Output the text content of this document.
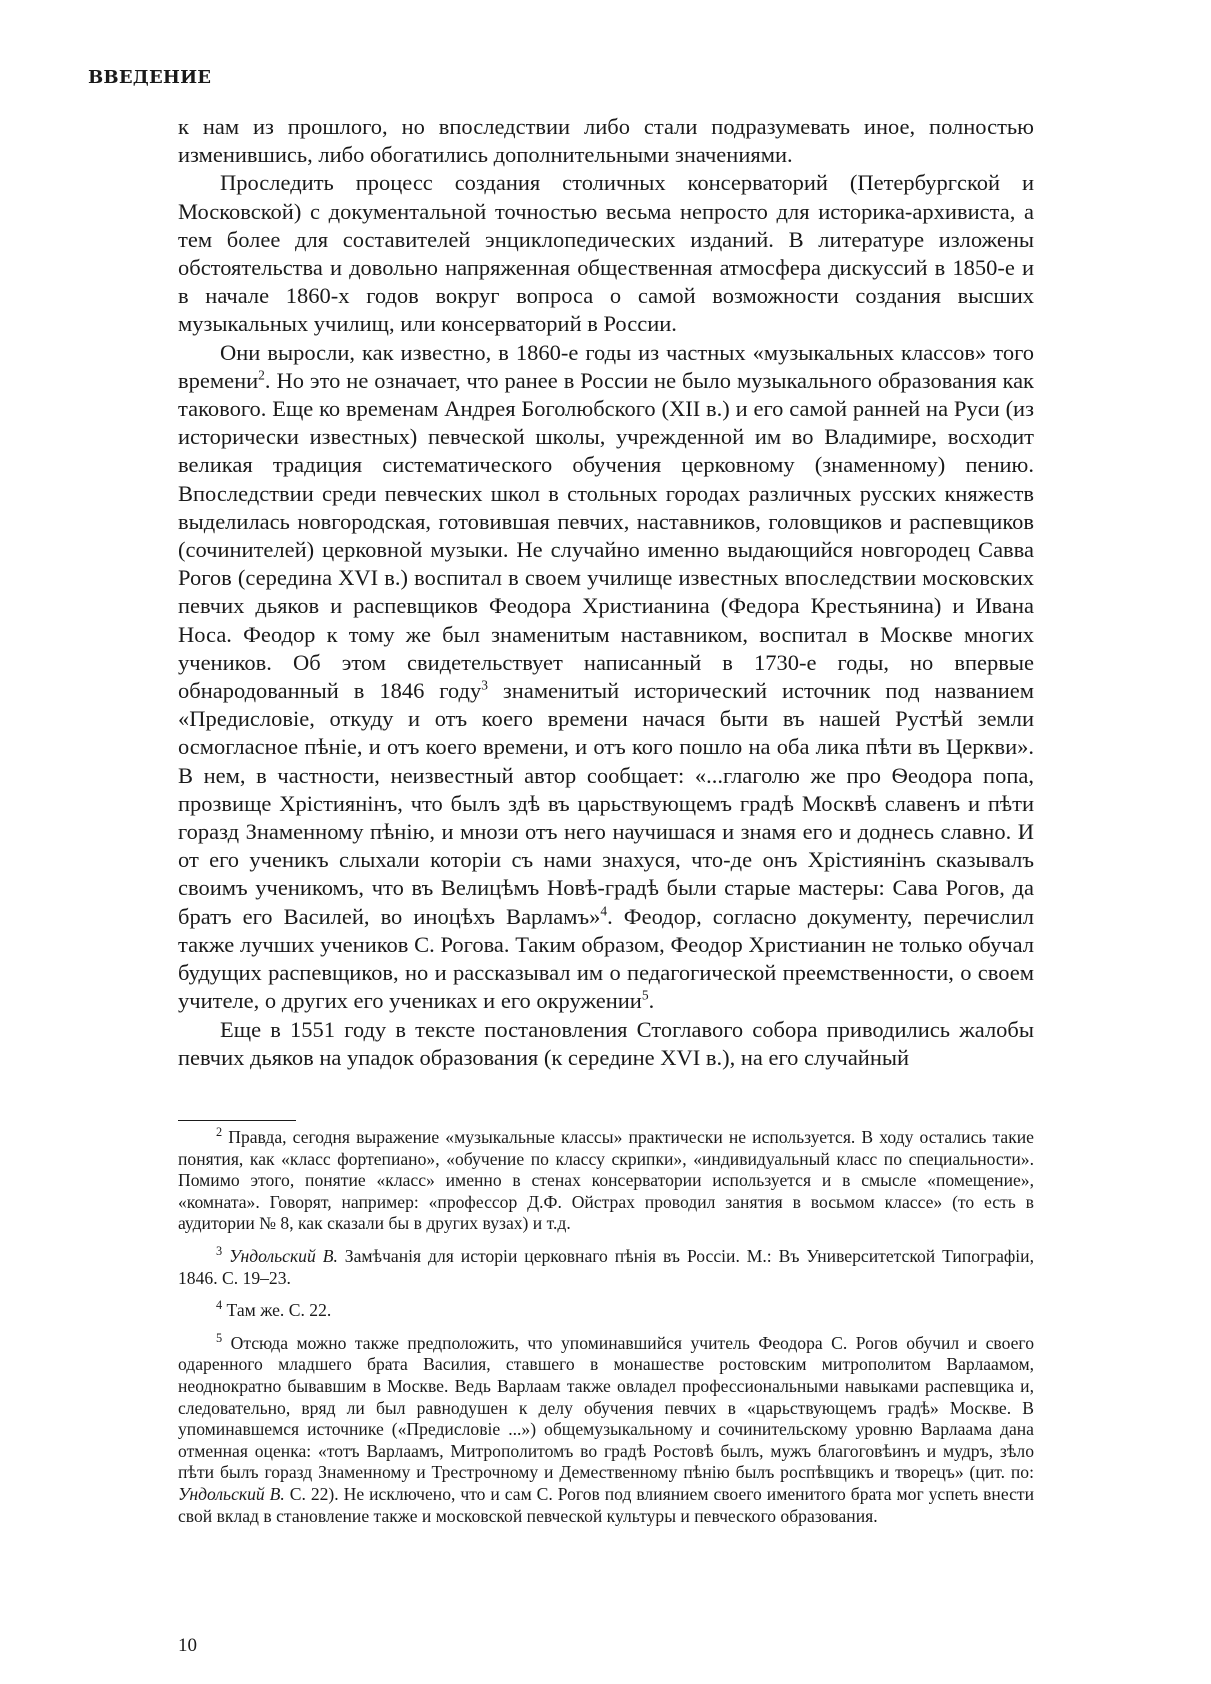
ВВЕДЕНИЕ

к нам из прошлого, но впоследствии либо стали подразумевать иное, полностью изменившись, либо обогатились дополнительными значениями.

Проследить процесс создания столичных консерваторий (Петербургской и Московской) с документальной точностью весьма непросто для историка-архивиста, а тем более для составителей энциклопедических изданий. В литературе изложены обстоятельства и довольно напряженная общественная атмосфера дискуссий в 1850-е и в начале 1860-х годов вокруг вопроса о самой возможности создания высших музыкальных училищ, или консерваторий в России.

Они выросли, как известно, в 1860-е годы из частных «музыкальных классов» того времени$^2$. Но это не означает, что ранее в России не было музыкального образования как такового. Еще ко временам Андрея Боголюбского (XII в.) и его самой ранней на Руси (из исторически известных) певческой школы, учрежденной им во Владимире, восходит великая традиция систематического обучения церковному (знаменному) пению. Впоследствии среди певческих школ в стольных городах различных русских княжеств выделилась новгородская, готовившая певчих, наставников, головщиков и распевщиков (сочинителей) церковной музыки. Не случайно именно выдающийся новгородец Савва Рогов (середина XVI в.) воспитал в своем училище известных впоследствии московских певчих дьяков и распевщиков Феодора Христианина (Федора Крестьянина) и Ивана Носа. Феодор к тому же был знаменитым наставником, воспитал в Москве многих учеников. Об этом свидетельствует написанный в 1730-е годы, но впервые обнародованный в 1846 году$^3$ знаменитый исторический источник под названием «Предисловіе, откуду и отъ коего времени начася быти въ нашей Рустѣй земли осмогласное пѣніе, и отъ коего времени, и отъ кого пошло на оба лика пѣти въ Церкви». В нем, в частности, неизвестный автор сообщает: «...глаголю же про Ѳеодора попа, прозвище Хрістиянінъ, что былъ здѣ въ царьствующемъ градѣ Москвѣ славенъ и пѣти горазд Знаменному пѣнію, и мнози отъ него научишася и знамя его и доднесь славно. И от его ученикъ слыхали которіи съ нами знахуся, что-де онъ Хрістиянінъ сказывалъ своимъ ученикомъ, что въ Велицѣмъ Новѣ-градѣ были старые мастеры: Сава Рогов, да братъ его Василей, во иноцѣхъ Варламъ»$^4$. Феодор, согласно документу, перечислил также лучших учеников С. Рогова. Таким образом, Феодор Христианин не только обучал будущих распевщиков, но и рассказывал им о педагогической преемственности, о своем учителе, о других его учениках и его окружении$^5$.

Еще в 1551 году в тексте постановления Стоглавого собора приводились жалобы певчих дьяков на упадок образования (к середине XVI в.), на его случайный

$^2$ Правда, сегодня выражение «музыкальные классы» практически не используется. В ходу остались такие понятия, как «класс фортепиано», «обучение по классу скрипки», «индивидуальный класс по специальности». Помимо этого, понятие «класс» именно в стенах консерватории используется и в смысле «помещение», «комната». Говорят, например: «профессор Д.Ф. Ойстрах проводил занятия в восьмом классе» (то есть в аудитории № 8, как сказали бы в других вузах) и т.д.

$^3$ Ундольский В. Замѣчанія для исторіи церковнаго пѣнія въ Россіи. М.: Въ Университетской Типографіи, 1846. С. 19–23.

$^4$ Там же. С. 22.

$^5$ Отсюда можно также предположить, что упоминавшийся учитель Феодора С. Рогов обучил и своего одаренного младшего брата Василия, ставшего в монашестве ростовским митрополитом Варлаамом, неоднократно бывавшим в Москве. Ведь Варлаам также овладел профессиональными навыками распевщика и, следовательно, вряд ли был равнодушен к делу обучения певчих в «царьствующемъ градѣ» Москве. В упоминавшемся источнике («Предисловіе ...») общемузыкальному и сочинительскому уровню Варлаама дана отменная оценка: «тотъ Варлаамъ, Митрополитомъ во градѣ Ростовѣ былъ, мужъ благоговѣинъ и мудръ, зѣло пѣти былъ горазд Знаменному и Трестрочному и Демественному пѣнію былъ роспѣвщикъ и творецъ» (цит. по: Ундольский В. С. 22). Не исключено, что и сам С. Рогов под влиянием своего именитого брата мог успеть внести свой вклад в становление также и московской певческой культуры и певческого образования.

10
